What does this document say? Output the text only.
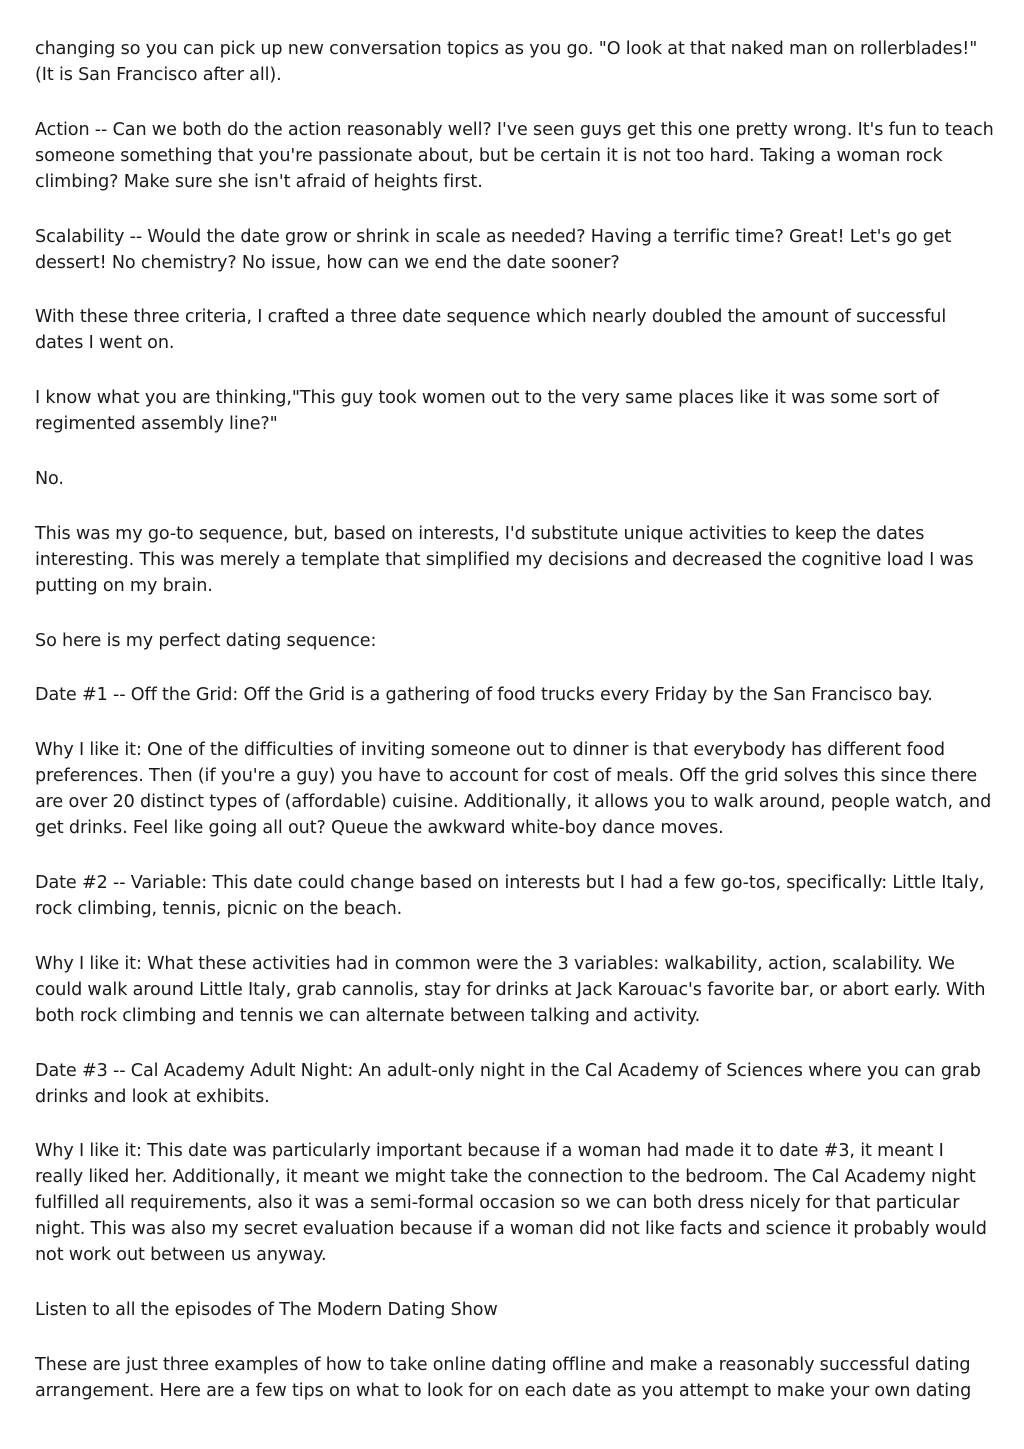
changing so you can pick up new conversation topics as you go. "O look at that naked man on rollerblades!" (It is San Francisco after all).

Action -- Can we both do the action reasonably well? I've seen guys get this one pretty wrong. It's fun to teach someone something that you're passionate about, but be certain it is not too hard. Taking a woman rock climbing? Make sure she isn't afraid of heights first.

Scalability -- Would the date grow or shrink in scale as needed? Having a terrific time? Great! Let's go get dessert! No chemistry? No issue, how can we end the date sooner?

With these three criteria, I crafted a three date sequence which nearly doubled the amount of successful dates I went on.

I know what you are thinking,"This guy took women out to the very same places like it was some sort of regimented assembly line?"

No.

This was my go-to sequence, but, based on interests, I'd substitute unique activities to keep the dates interesting. This was merely a template that simplified my decisions and decreased the cognitive load I was putting on my brain.

So here is my perfect dating sequence:

Date #1 -- Off the Grid: Off the Grid is a gathering of food trucks every Friday by the San Francisco bay.

Why I like it: One of the difficulties of inviting someone out to dinner is that everybody has different food preferences. Then (if you're a guy) you have to account for cost of meals. Off the grid solves this since there are over 20 distinct types of (affordable) cuisine. Additionally, it allows you to walk around, people watch, and get drinks. Feel like going all out? Queue the awkward white-boy dance moves.

Date #2 -- Variable: This date could change based on interests but I had a few go-tos, specifically: Little Italy, rock climbing, tennis, picnic on the beach.

Why I like it: What these activities had in common were the 3 variables: walkability, action, scalability. We could walk around Little Italy, grab cannolis, stay for drinks at Jack Karouac's favorite bar, or abort early. With both rock climbing and tennis we can alternate between talking and activity.

Date #3 -- Cal Academy Adult Night: An adult-only night in the Cal Academy of Sciences where you can grab drinks and look at exhibits.

Why I like it: This date was particularly important because if a woman had made it to date #3, it meant I really liked her. Additionally, it meant we might take the connection to the bedroom. The Cal Academy night fulfilled all requirements, also it was a semi-formal occasion so we can both dress nicely for that particular night. This was also my secret evaluation because if a woman did not like facts and science it probably would not work out between us anyway.

Listen to all the episodes of The Modern Dating Show

These are just three examples of how to take online dating offline and make a reasonably successful dating arrangement. Here are a few tips on what to look for on each date as you attempt to make your own dating
